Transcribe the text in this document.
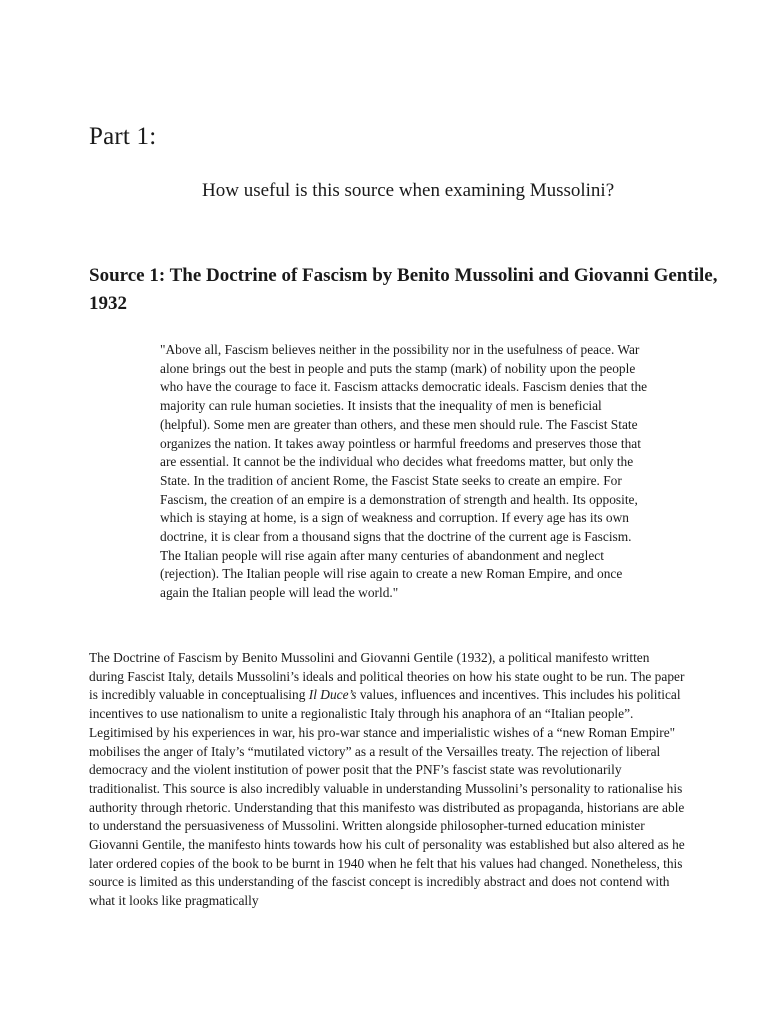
Part 1:
How useful is this source when examining Mussolini?
Source 1: The Doctrine of Fascism by Benito Mussolini and Giovanni Gentile, 1932

"Above all, Fascism believes neither in the possibility nor in the usefulness of peace. War alone brings out the best in people and puts the stamp (mark) of nobility upon the people who have the courage to face it. Fascism attacks democratic ideals. Fascism denies that the majority can rule human societies. It insists that the inequality of men is beneficial (helpful). Some men are greater than others, and these men should rule. The Fascist State organizes the nation. It takes away pointless or harmful freedoms and preserves those that are essential. It cannot be the individual who decides what freedoms matter, but only the State. In the tradition of ancient Rome, the Fascist State seeks to create an empire. For Fascism, the creation of an empire is a demonstration of strength and health. Its opposite, which is staying at home, is a sign of weakness and corruption. If every age has its own doctrine, it is clear from a thousand signs that the doctrine of the current age is Fascism. The Italian people will rise again after many centuries of abandonment and neglect (rejection). The Italian people will rise again to create a new Roman Empire, and once again the Italian people will lead the world."

The Doctrine of Fascism by Benito Mussolini and Giovanni Gentile (1932), a political manifesto written during Fascist Italy, details Mussolini’s ideals and political theories on how his state ought to be run. The paper is incredibly valuable in conceptualising Il Duce’s values, influences and incentives. This includes his political incentives to use nationalism to unite a regionalistic Italy through his anaphora of an “Italian people”. Legitimised by his experiences in war, his pro-war stance and imperialistic wishes of a “new Roman Empire" mobilises the anger of Italy’s “mutilated victory” as a result of the Versailles treaty. The rejection of liberal democracy and the violent institution of power posit that the PNF’s fascist state was revolutionarily traditionalist. This source is also incredibly valuable in understanding Mussolini’s personality to rationalise his authority through rhetoric. Understanding that this manifesto was distributed as propaganda, historians are able to understand the persuasiveness of Mussolini. Written alongside philosopher-turned education minister Giovanni Gentile, the manifesto hints towards how his cult of personality was established but also altered as he later ordered copies of the book to be burnt in 1940 when he felt that his values had changed. Nonetheless, this source is limited as this understanding of the fascist concept is incredibly abstract and does not contend with what it looks like pragmatically
